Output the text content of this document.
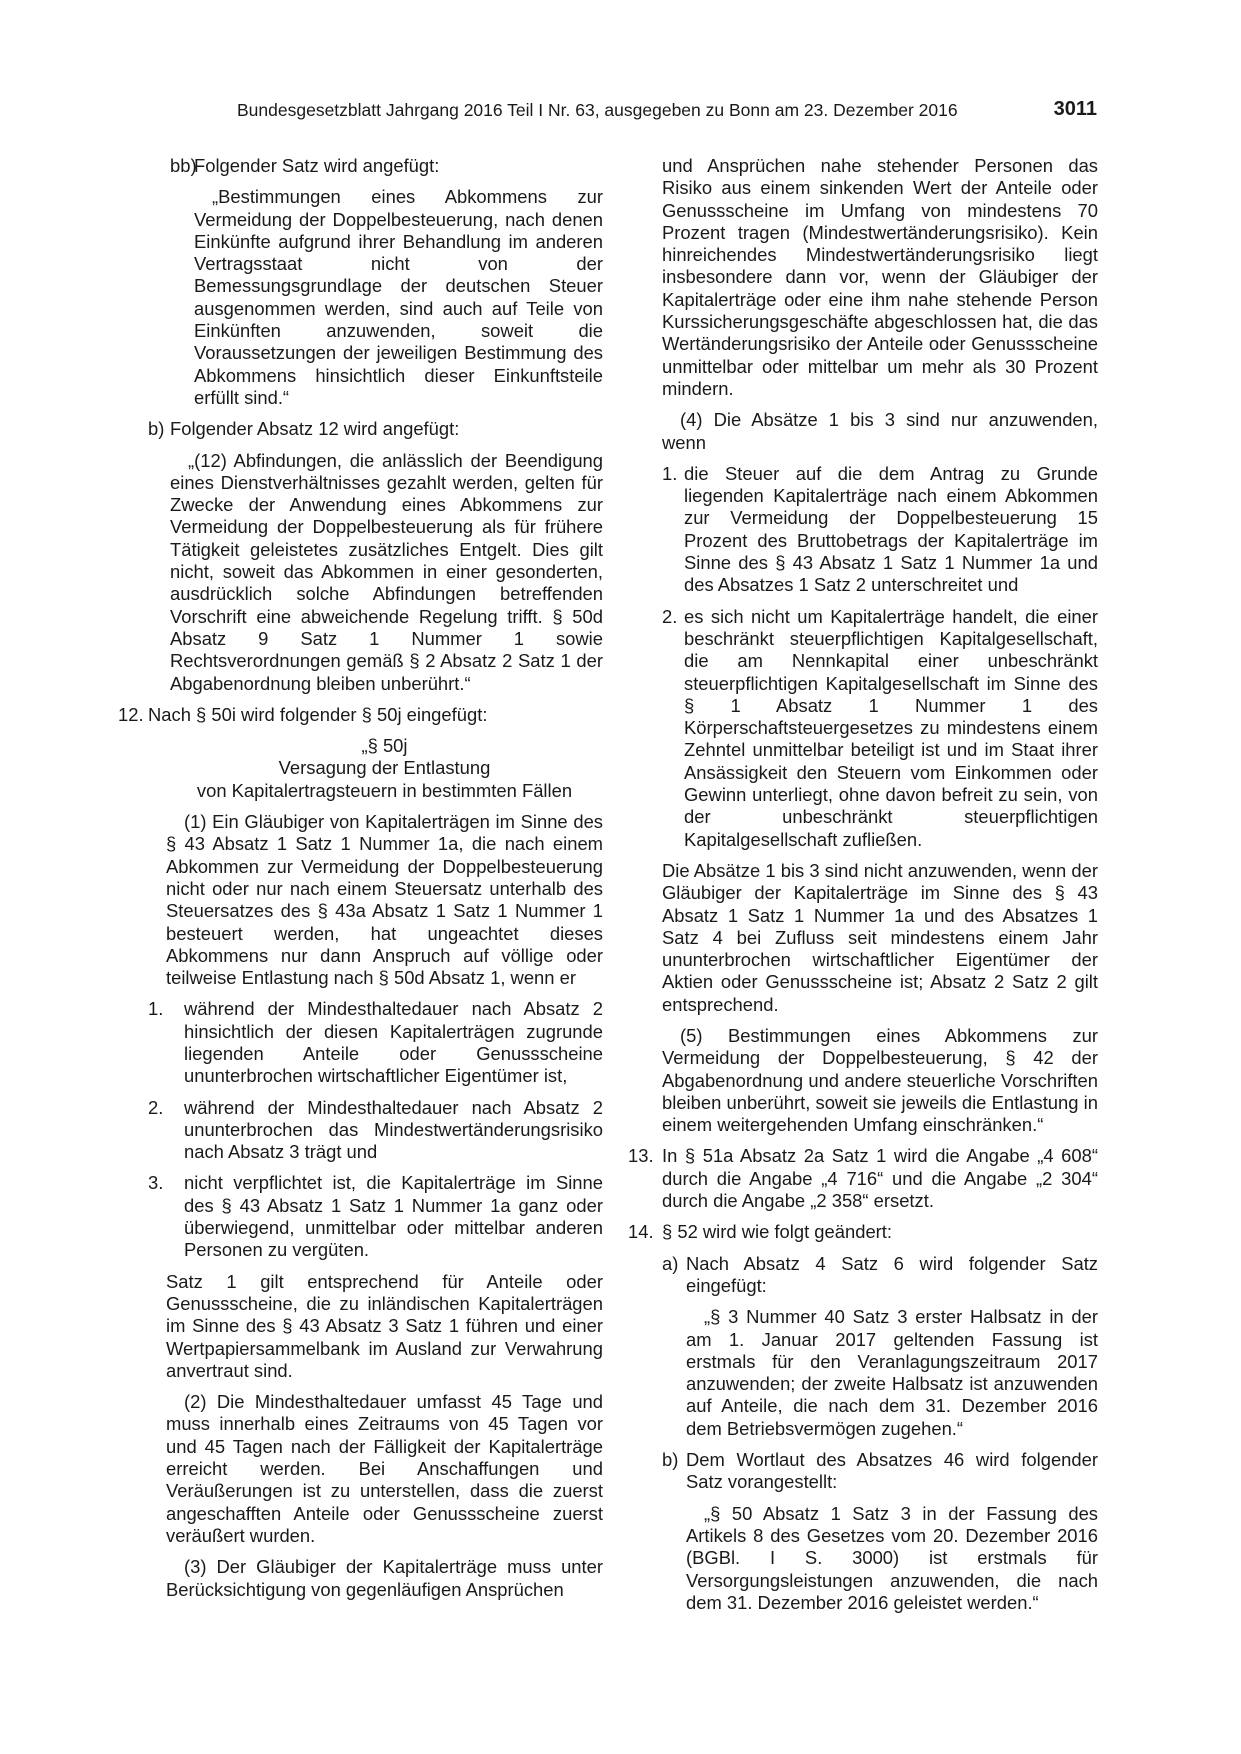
Bundesgesetzblatt Jahrgang 2016 Teil I Nr. 63, ausgegeben zu Bonn am 23. Dezember 2016	3011
bb)

Folgender Satz wird angefügt:

„Bestimmungen eines Abkommens zur Vermeidung der Doppelbesteuerung, nach denen Einkünfte aufgrund ihrer Behandlung im anderen Vertragsstaat nicht von der Bemessungsgrundlage der deutschen Steuer ausgenommen werden, sind auch auf Teile von Einkünften anzuwenden, soweit die Voraussetzungen der jeweiligen Bestimmung des Abkommens hinsichtlich dieser Einkunftsteile erfüllt sind.“

b) Folgender Absatz 12 wird angefügt:

„(12) Abfindungen, die anlässlich der Beendigung eines Dienstverhältnisses gezahlt werden, gelten für Zwecke der Anwendung eines Abkommens zur Vermeidung der Doppelbesteuerung als für frühere Tätigkeit geleistetes zusätzliches Entgelt. Dies gilt nicht, soweit das Abkommen in einer gesonderten, ausdrücklich solche Abfindungen betreffenden Vorschrift eine abweichende Regelung trifft. § 50d Absatz 9 Satz 1 Nummer 1 sowie Rechtsverordnungen gemäß § 2 Absatz 2 Satz 1 der Abgabenordnung bleiben unberührt.“

12. Nach § 50i wird folgender § 50j eingefügt:

„§ 50j

Versagung der Entlastung

von Kapitalertragsteuern in bestimmten Fällen

(1) Ein Gläubiger von Kapitalerträgen im Sinne des § 43 Absatz 1 Satz 1 Nummer 1a, die nach einem Abkommen zur Vermeidung der Doppelbesteuerung nicht oder nur nach einem Steuersatz unterhalb des Steuersatzes des § 43a Absatz 1 Satz 1 Nummer 1 besteuert werden, hat ungeachtet dieses Abkommens nur dann Anspruch auf völlige oder teilweise Entlastung nach § 50d Absatz 1, wenn er

1. während der Mindesthaltedauer nach Absatz 2 hinsichtlich der diesen Kapitalerträgen zugrunde liegenden Anteile oder Genussscheine ununterbrochen wirtschaftlicher Eigentümer ist,

2. während der Mindesthaltedauer nach Absatz 2 ununterbrochen das Mindestwertänderungsrisiko nach Absatz 3 trägt und

3. nicht verpflichtet ist, die Kapitalerträge im Sinne des § 43 Absatz 1 Satz 1 Nummer 1a ganz oder überwiegend, unmittelbar oder mittelbar anderen Personen zu vergüten.

Satz 1 gilt entsprechend für Anteile oder Genussscheine, die zu inländischen Kapitalerträgen im Sinne des § 43 Absatz 3 Satz 1 führen und einer Wertpapiersammelbank im Ausland zur Verwahrung anvertraut sind.

(2) Die Mindesthaltedauer umfasst 45 Tage und muss innerhalb eines Zeitraums von 45 Tagen vor und 45 Tagen nach der Fälligkeit der Kapitalerträge erreicht werden. Bei Anschaffungen und Veräußerungen ist zu unterstellen, dass die zuerst angeschafften Anteile oder Genussscheine zuerst veräußert wurden.

(3) Der Gläubiger der Kapitalerträge muss unter Berücksichtigung von gegenläufigen Ansprüchen

und Ansprüchen nahe stehender Personen das Risiko aus einem sinkenden Wert der Anteile oder Genussscheine im Umfang von mindestens 70 Prozent tragen (Mindestwertänderungsrisiko). Kein hinreichendes Mindestwertänderungsrisiko liegt insbesondere dann vor, wenn der Gläubiger der Kapitalerträge oder eine ihm nahe stehende Person Kurssicherungsgeschäfte abgeschlossen hat, die das Wertänderungsrisiko der Anteile oder Genussscheine unmittelbar oder mittelbar um mehr als 30 Prozent mindern.

(4) Die Absätze 1 bis 3 sind nur anzuwenden, wenn

1. die Steuer auf die dem Antrag zu Grunde liegenden Kapitalerträge nach einem Abkommen zur Vermeidung der Doppelbesteuerung 15 Prozent des Bruttobetrags der Kapitalerträge im Sinne des § 43 Absatz 1 Satz 1 Nummer 1a und des Absatzes 1 Satz 2 unterschreitet und

2. es sich nicht um Kapitalerträge handelt, die einer beschränkt steuerpflichtigen Kapitalgesellschaft, die am Nennkapital einer unbeschränkt steuerpflichtigen Kapitalgesellschaft im Sinne des § 1 Absatz 1 Nummer 1 des Körperschaftsteuergesetzes zu mindestens einem Zehntel unmittelbar beteiligt ist und im Staat ihrer Ansässigkeit den Steuern vom Einkommen oder Gewinn unterliegt, ohne davon befreit zu sein, von der unbeschränkt steuerpflichtigen Kapitalgesellschaft zufließen.

Die Absätze 1 bis 3 sind nicht anzuwenden, wenn der Gläubiger der Kapitalerträge im Sinne des § 43 Absatz 1 Satz 1 Nummer 1a und des Absatzes 1 Satz 4 bei Zufluss seit mindestens einem Jahr ununterbrochen wirtschaftlicher Eigentümer der Aktien oder Genussscheine ist; Absatz 2 Satz 2 gilt entsprechend.

(5) Bestimmungen eines Abkommens zur Vermeidung der Doppelbesteuerung, § 42 der Abgabenordnung und andere steuerliche Vorschriften bleiben unberührt, soweit sie jeweils die Entlastung in einem weitergehenden Umfang einschränken.“

13. In § 51a Absatz 2a Satz 1 wird die Angabe „4 608“ durch die Angabe „4 716“ und die Angabe „2 304“ durch die Angabe „2 358“ ersetzt.

14. § 52 wird wie folgt geändert:

a) Nach Absatz 4 Satz 6 wird folgender Satz eingefügt:

„§ 3 Nummer 40 Satz 3 erster Halbsatz in der am 1. Januar 2017 geltenden Fassung ist erstmals für den Veranlagungszeitraum 2017 anzuwenden; der zweite Halbsatz ist anzuwenden auf Anteile, die nach dem 31. Dezember 2016 dem Betriebsvermögen zugehen.“

b) Dem Wortlaut des Absatzes 46 wird folgender Satz vorangestellt:

„§ 50 Absatz 1 Satz 3 in der Fassung des Artikels 8 des Gesetzes vom 20. Dezember 2016 (BGBl. I S. 3000) ist erstmals für Versorgungsleistungen anzuwenden, die nach dem 31. Dezember 2016 geleistet werden.“
